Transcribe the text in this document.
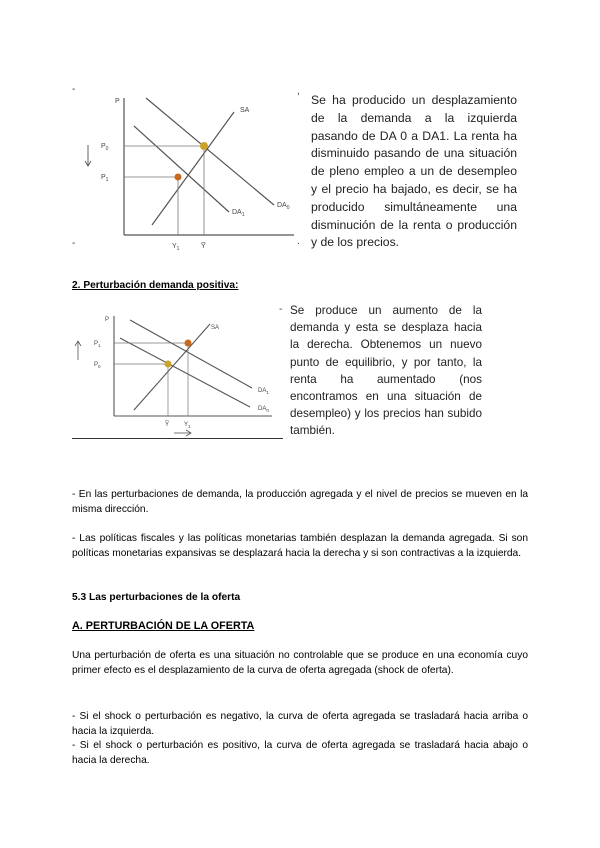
-
-
,
.
P
SA
$DA_0$
$DA_1$
$P_0$
$P_1$
$Y_1$	Y̅
Se ha producido un desplazamiento de la demanda a la izquierda pasando de DA 0 a DA1. La renta ha disminuido pasando de una situación de pleno empleo a un de desempleo y el precio ha bajado, es decir, se ha producido simultáneamente una disminución de la renta o producción y de los precios.
2. Perturbación demanda positiva:
P
SA
$DA_1$
$DA_0$
$P_1$
$P_0$
Y̅ $Y_1$
- Se produce un aumento de la demanda y esta se desplaza hacia la derecha. Obtenemos un nuevo punto de equilibrio, y por tanto, la renta ha aumentado (nos encontramos en una situación de desempleo) y los precios han subido también.
- En las perturbaciones de demanda, la producción agregada y el nivel de precios se mueven en la misma dirección.
- Las políticas fiscales y las políticas monetarias también desplazan la demanda agregada. Si son políticas monetarias expansivas se desplazará hacia la derecha y si son contractivas a la izquierda.
5.3 Las perturbaciones de la oferta
A. PERTURBACIÓN DE LA OFERTA
Una perturbación de oferta es una situación no controlable que se produce en una economía cuyo primer efecto es el desplazamiento de la curva de oferta agregada (shock de oferta).
- Si el shock o perturbación es negativo, la curva de oferta agregada se trasladará hacia arriba o hacia la izquierda.
- Si el shock o perturbación es positivo, la curva de oferta agregada se trasladará hacia abajo o hacia la derecha.
